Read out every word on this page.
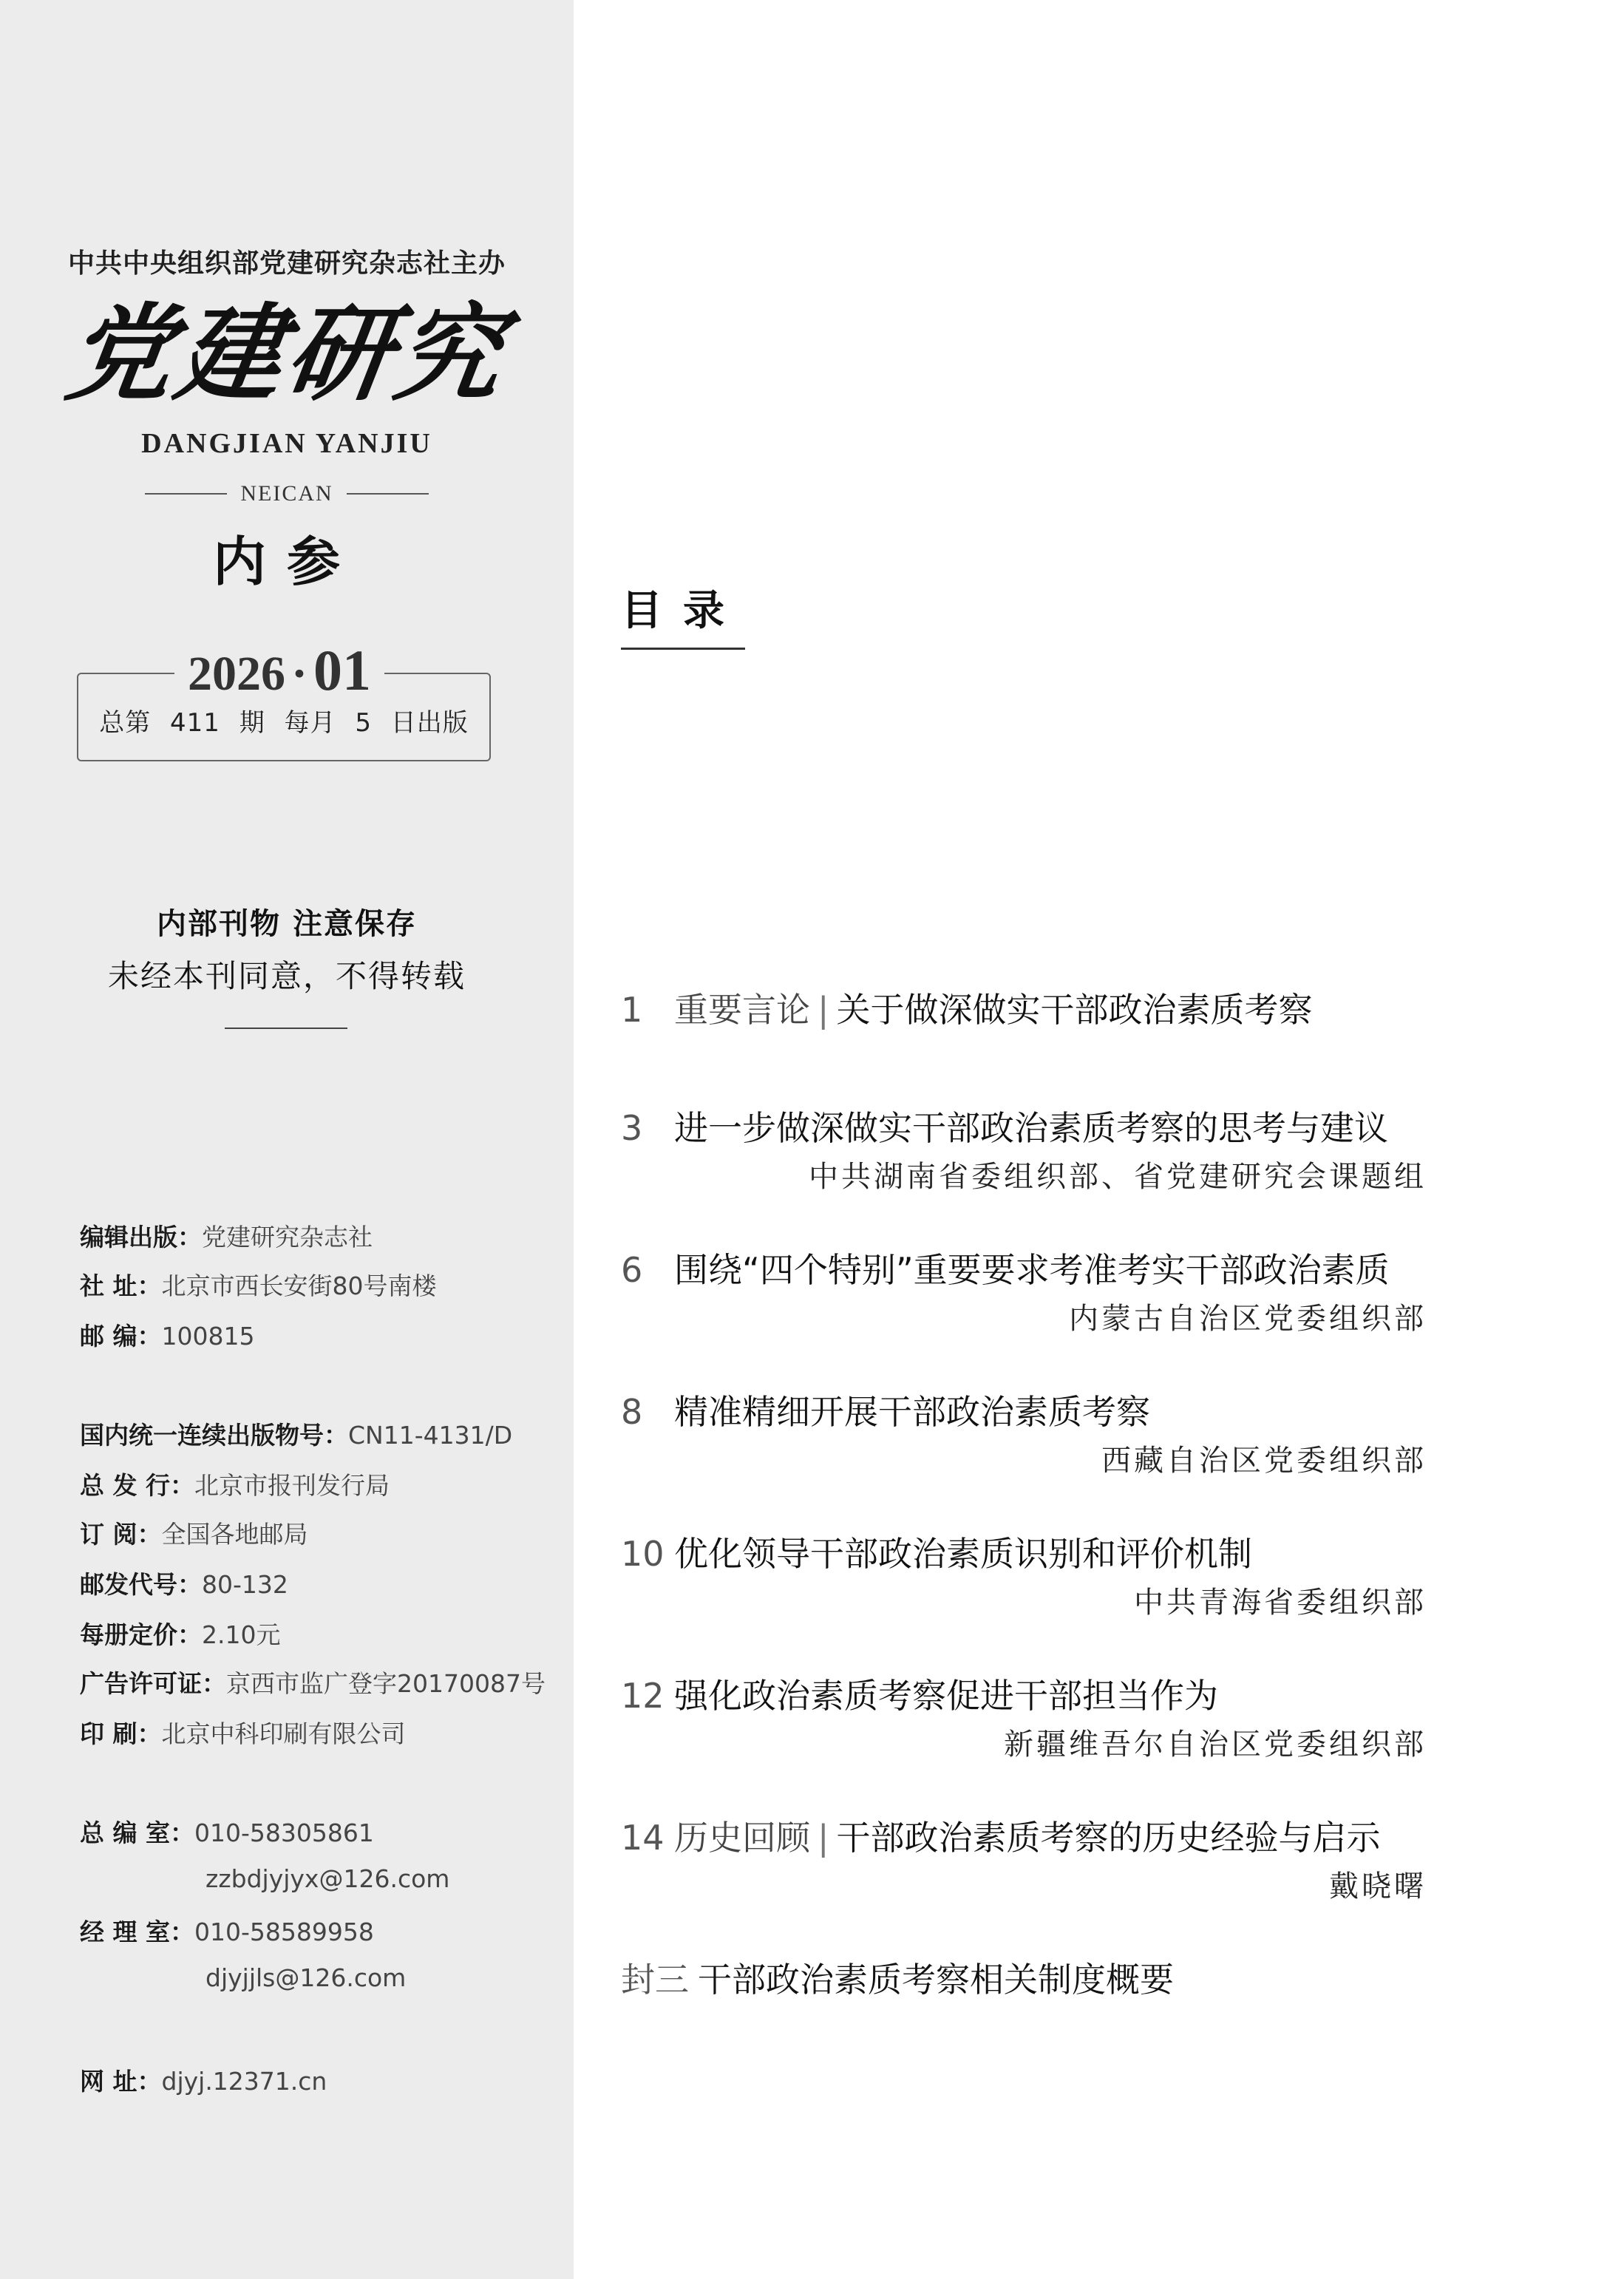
中共中央组织部党建研究杂志社主办
党建研究
DANGJIAN YANJIU
NEICAN
内参
2026 · 01
总第 411 期 每月 5 日出版
内部刊物 注意保存
未经本刊同意，不得转载
编辑出版：党建研究杂志社
社 址：北京市西长安街80号南楼
邮 编：100815
国内统一连续出版物号：CN11-4131/D
总 发 行：北京市报刊发行局
订 阅：全国各地邮局
邮发代号：80-132
每册定价：2.10元
广告许可证：京西市监广登字20170087号
印 刷：北京中科印刷有限公司
总 编 室：010-58305861
zzbdjyjyx@126.com
经 理 室：010-58589958
djyjjls@126.com
网 址：djyj.12371.cn
目录
1 重要言论 | 关于做深做实干部政治素质考察
3 进一步做深做实干部政治素质考察的思考与建议
中共湖南省委组织部、省党建研究会课题组
6 围绕“四个特别”重要要求考准考实干部政治素质
内蒙古自治区党委组织部
8 精准精细开展干部政治素质考察
西藏自治区党委组织部
10 优化领导干部政治素质识别和评价机制
中共青海省委组织部
12 强化政治素质考察促进干部担当作为
新疆维吾尔自治区党委组织部
14 历史回顾 | 干部政治素质考察的历史经验与启示
戴晓曙
封三 干部政治素质考察相关制度概要
